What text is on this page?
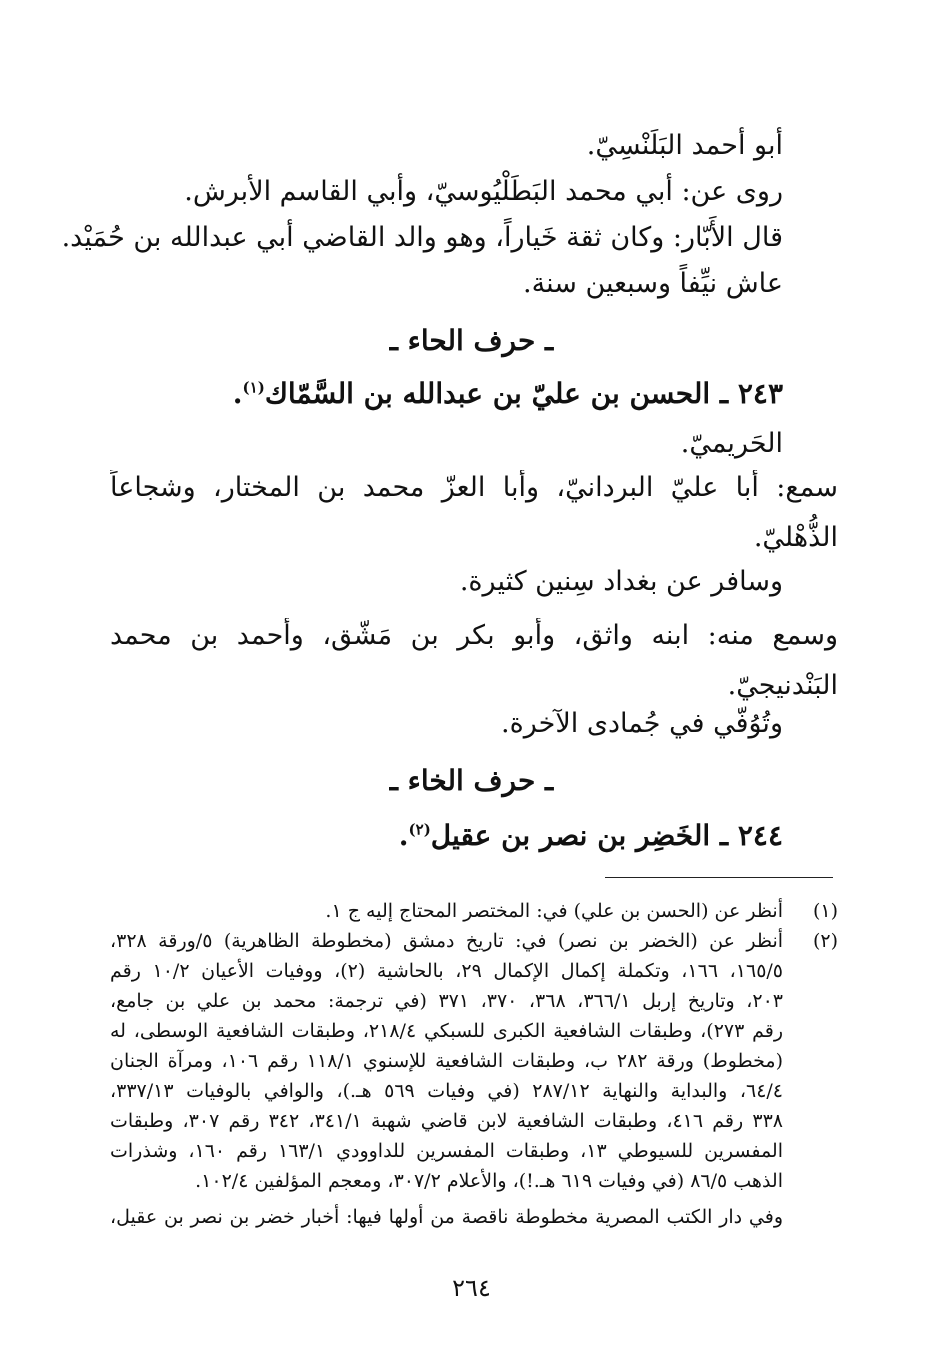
أبو أحمد البَلَنْسِيّ.
روى عن: أبي محمد البَطَلْيُوسيّ، وأبي القاسم الأبرش.
قال الأَبّار: وكان ثقة خَياراً، وهو والد القاضي أبي عبدالله بن حُمَيْد.
عاش نيِّفاً وسبعين سنة.
ـ حرف الحاء ـ
٢٤٣ ـ الحسن بن عليّ بن عبدالله بن السَّمّاك$^{(١)}$.
الحَريميّ.
سمع: أبا عليّ البردانيّ، وأبا العزّ محمد بن المختار، وشجاعاً
الذُّهْليّ.
وسافر عن بغداد سِنين كثيرة.
وسمع منه: ابنه واثق، وأبو بكر بن مَشّق، وأحمد بن محمد
البَنْدنيجيّ.
وتُوُفّي في جُمادى الآخرة.
ـ حرف الخاء ـ
٢٤٤ ـ الخَضِر بن نصر بن عقيل$^{(٢)}$.
(١)
أنظر عن (الحسن بن علي) في: المختصر المحتاج إليه ج ١.
(٢)
أنظر عن (الخضر بن نصر) في: تاريخ دمشق (مخطوطة الظاهرية) ٥/ورقة ٣٢٨،
١٦٥/٥، ١٦٦، وتكملة إكمال الإكمال ٢٩، بالحاشية (٢)، ووفيات الأعيان ١٠/٢ رقم
٢٠٣، وتاريخ إربل ٣٦٦/١، ٣٦٨، ٣٧٠، ٣٧١ (في ترجمة: محمد بن علي بن جامع،
رقم ٢٧٣)، وطبقات الشافعية الكبرى للسبكي ٢١٨/٤، وطبقات الشافعية الوسطى، له
(مخطوط) ورقة ٢٨٢ ب، وطبقات الشافعية للإسنوي ١١٨/١ رقم ١٠٦، ومرآة الجنان
٦٤/٤، والبداية والنهاية ٢٨٧/١٢ (في وفيات ٥٦٩ هـ.)، والوافي بالوفيات ٣٣٧/١٣،
٣٣٨ رقم ٤١٦، وطبقات الشافعية لابن قاضي شهبة ٣٤١/١، ٣٤٢ رقم ٣٠٧، وطبقات
المفسرين للسيوطي ١٣، وطبقات المفسرين للداوودي ١٦٣/١ رقم ١٦٠، وشذرات
الذهب ٨٦/٥ (في وفيات ٦١٩ هـ.!)، والأعلام ٣٠٧/٢، ومعجم المؤلفين ١٠٢/٤.
وفي دار الكتب المصرية مخطوطة ناقصة من أولها فيها: أخبار خضر بن نصر بن عقيل،
٢٦٤
